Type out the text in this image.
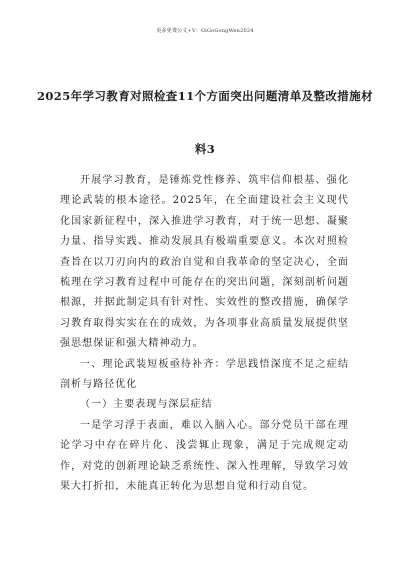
更多免费公文+V：GiGoGongWen2024
2025年学习教育对照检查11个方面突出问题清单及整改措施材料3

开展学习教育，是锤炼党性修养、筑牢信仰根基、强化理论武装的根本途径。2025年，在全面建设社会主义现代化国家新征程中，深入推进学习教育，对于统一思想、凝聚力量、指导实践、推动发展具有极端重要意义。本次对照检查旨在以刀刃向内的政治自觉和自我革命的坚定决心，全面梳理在学习教育过程中可能存在的突出问题，深刻剖析问题根源，并据此制定具有针对性、实效性的整改措施，确保学习教育取得实实在在的成效，为各项事业高质量发展提供坚强思想保证和强大精神动力。

一、理论武装短板亟待补齐：学思践悟深度不足之症结剖析与路径优化

（一）主要表现与深层症结

一是学习浮于表面，难以入脑入心。部分党员干部在理论学习中存在碎片化、浅尝辄止现象，满足于完成规定动作，对党的创新理论缺乏系统性、深入性理解，导致学习效果大打折扣，未能真正转化为思想自觉和行动自觉。
